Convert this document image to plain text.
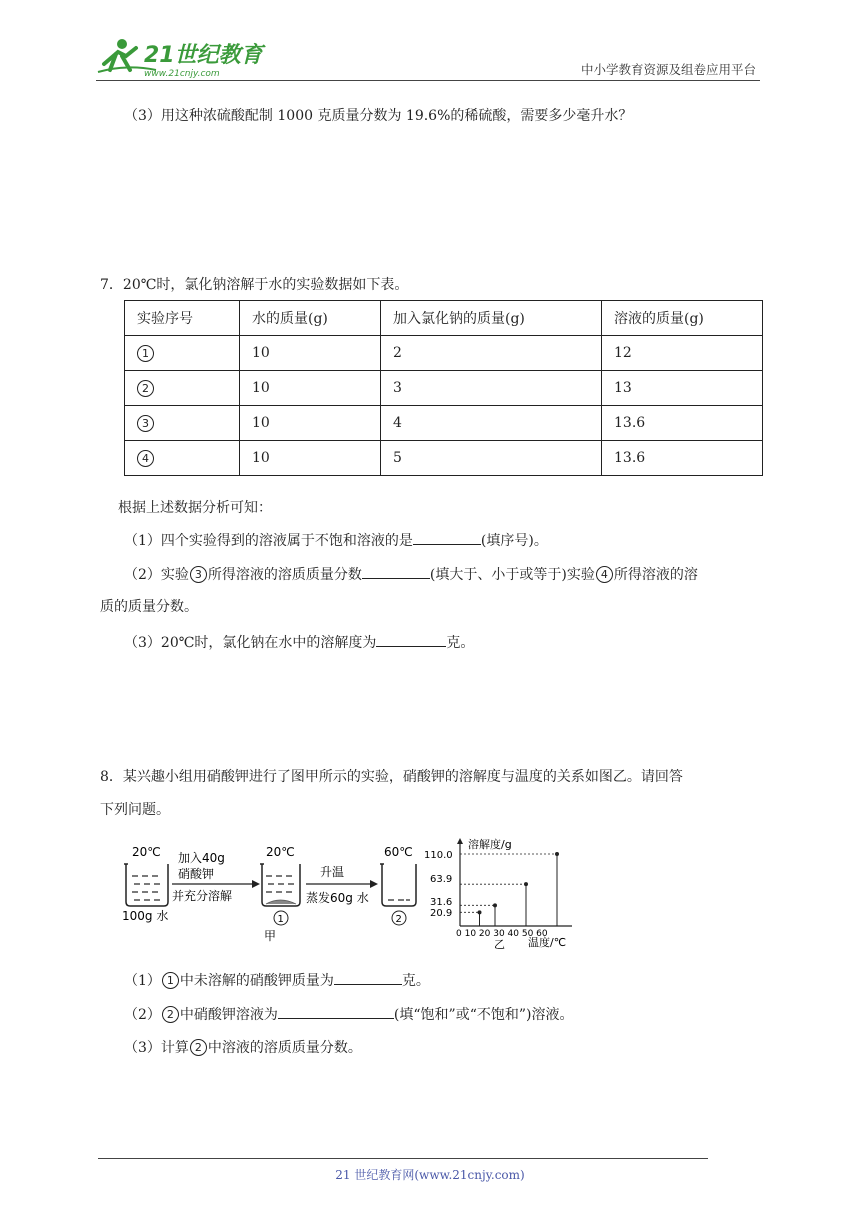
21世纪教育
www.21cnjy.com	中小学教育资源及组卷应用平台
（3）用这种浓硫酸配制 1000 克质量分数为 19.6%的稀硫酸，需要多少毫升水？
7．20℃时，氯化钠溶解于水的实验数据如下表。
实验序号	水的质量(g)	加入氯化钠的质量(g)	溶液的质量(g)
1	10	2	12
2	10	3	13
3	10	4	13.6
4	10	5	13.6
根据上述数据分析可知：
（1）四个实验得到的溶液属于不饱和溶液的是	(填序号)。
（2）实验 3 所得溶液的溶质质量分数	(填大于、小于或等于)实验 4 所得溶液的溶
质的质量分数。
（3）20℃时，氯化钠在水中的溶解度为	克。
8．某兴趣小组用硝酸钾进行了图甲所示的实验，硝酸钾的溶解度与温度的关系如图乙。请回答
下列问题。
20℃
100g 水
加入40g
硝酸钾
并充分溶解
20℃
1
甲
升温
蒸发60g 水
60℃
2
溶解度/g
110.0
63.9
31.6
20.9
0 10 20 30 40 50 60
乙 温度/℃
（1） 1 中未溶解的硝酸钾质量为	克。
（2） 2 中硝酸钾溶液为	(填“饱和”或“不饱和”)溶液。
（3）计算 2 中溶液的溶质质量分数。
21 世纪教育网(www.21cnjy.com)
